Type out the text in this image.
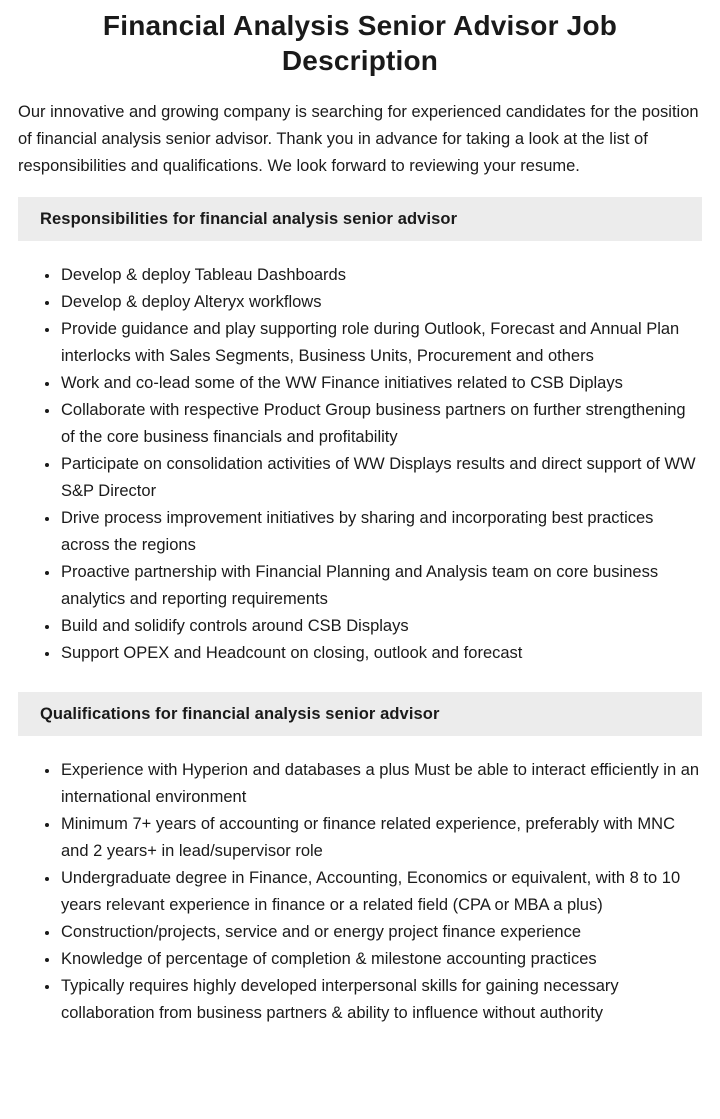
Financial Analysis Senior Advisor Job Description

Our innovative and growing company is searching for experienced candidates for the position of financial analysis senior advisor. Thank you in advance for taking a look at the list of responsibilities and qualifications. We look forward to reviewing your resume.

Responsibilities for financial analysis senior advisor
• Develop & deploy Tableau Dashboards
• Develop & deploy Alteryx workflows
• Provide guidance and play supporting role during Outlook, Forecast and Annual Plan interlocks with Sales Segments, Business Units, Procurement and others
• Work and co-lead some of the WW Finance initiatives related to CSB Diplays
• Collaborate with respective Product Group business partners on further strengthening of the core business financials and profitability
• Participate on consolidation activities of WW Displays results and direct support of WW S&P Director
• Drive process improvement initiatives by sharing and incorporating best practices across the regions
• Proactive partnership with Financial Planning and Analysis team on core business analytics and reporting requirements
• Build and solidify controls around CSB Displays
• Support OPEX and Headcount on closing, outlook and forecast
Qualifications for financial analysis senior advisor
• Experience with Hyperion and databases a plus Must be able to interact efficiently in an international environment
• Minimum 7+ years of accounting or finance related experience, preferably with MNC and 2 years+ in lead/supervisor role
• Undergraduate degree in Finance, Accounting, Economics or equivalent, with 8 to 10 years relevant experience in finance or a related field (CPA or MBA a plus)
• Construction/projects, service and or energy project finance experience
• Knowledge of percentage of completion & milestone accounting practices
• Typically requires highly developed interpersonal skills for gaining necessary collaboration from business partners & ability to influence without authority
